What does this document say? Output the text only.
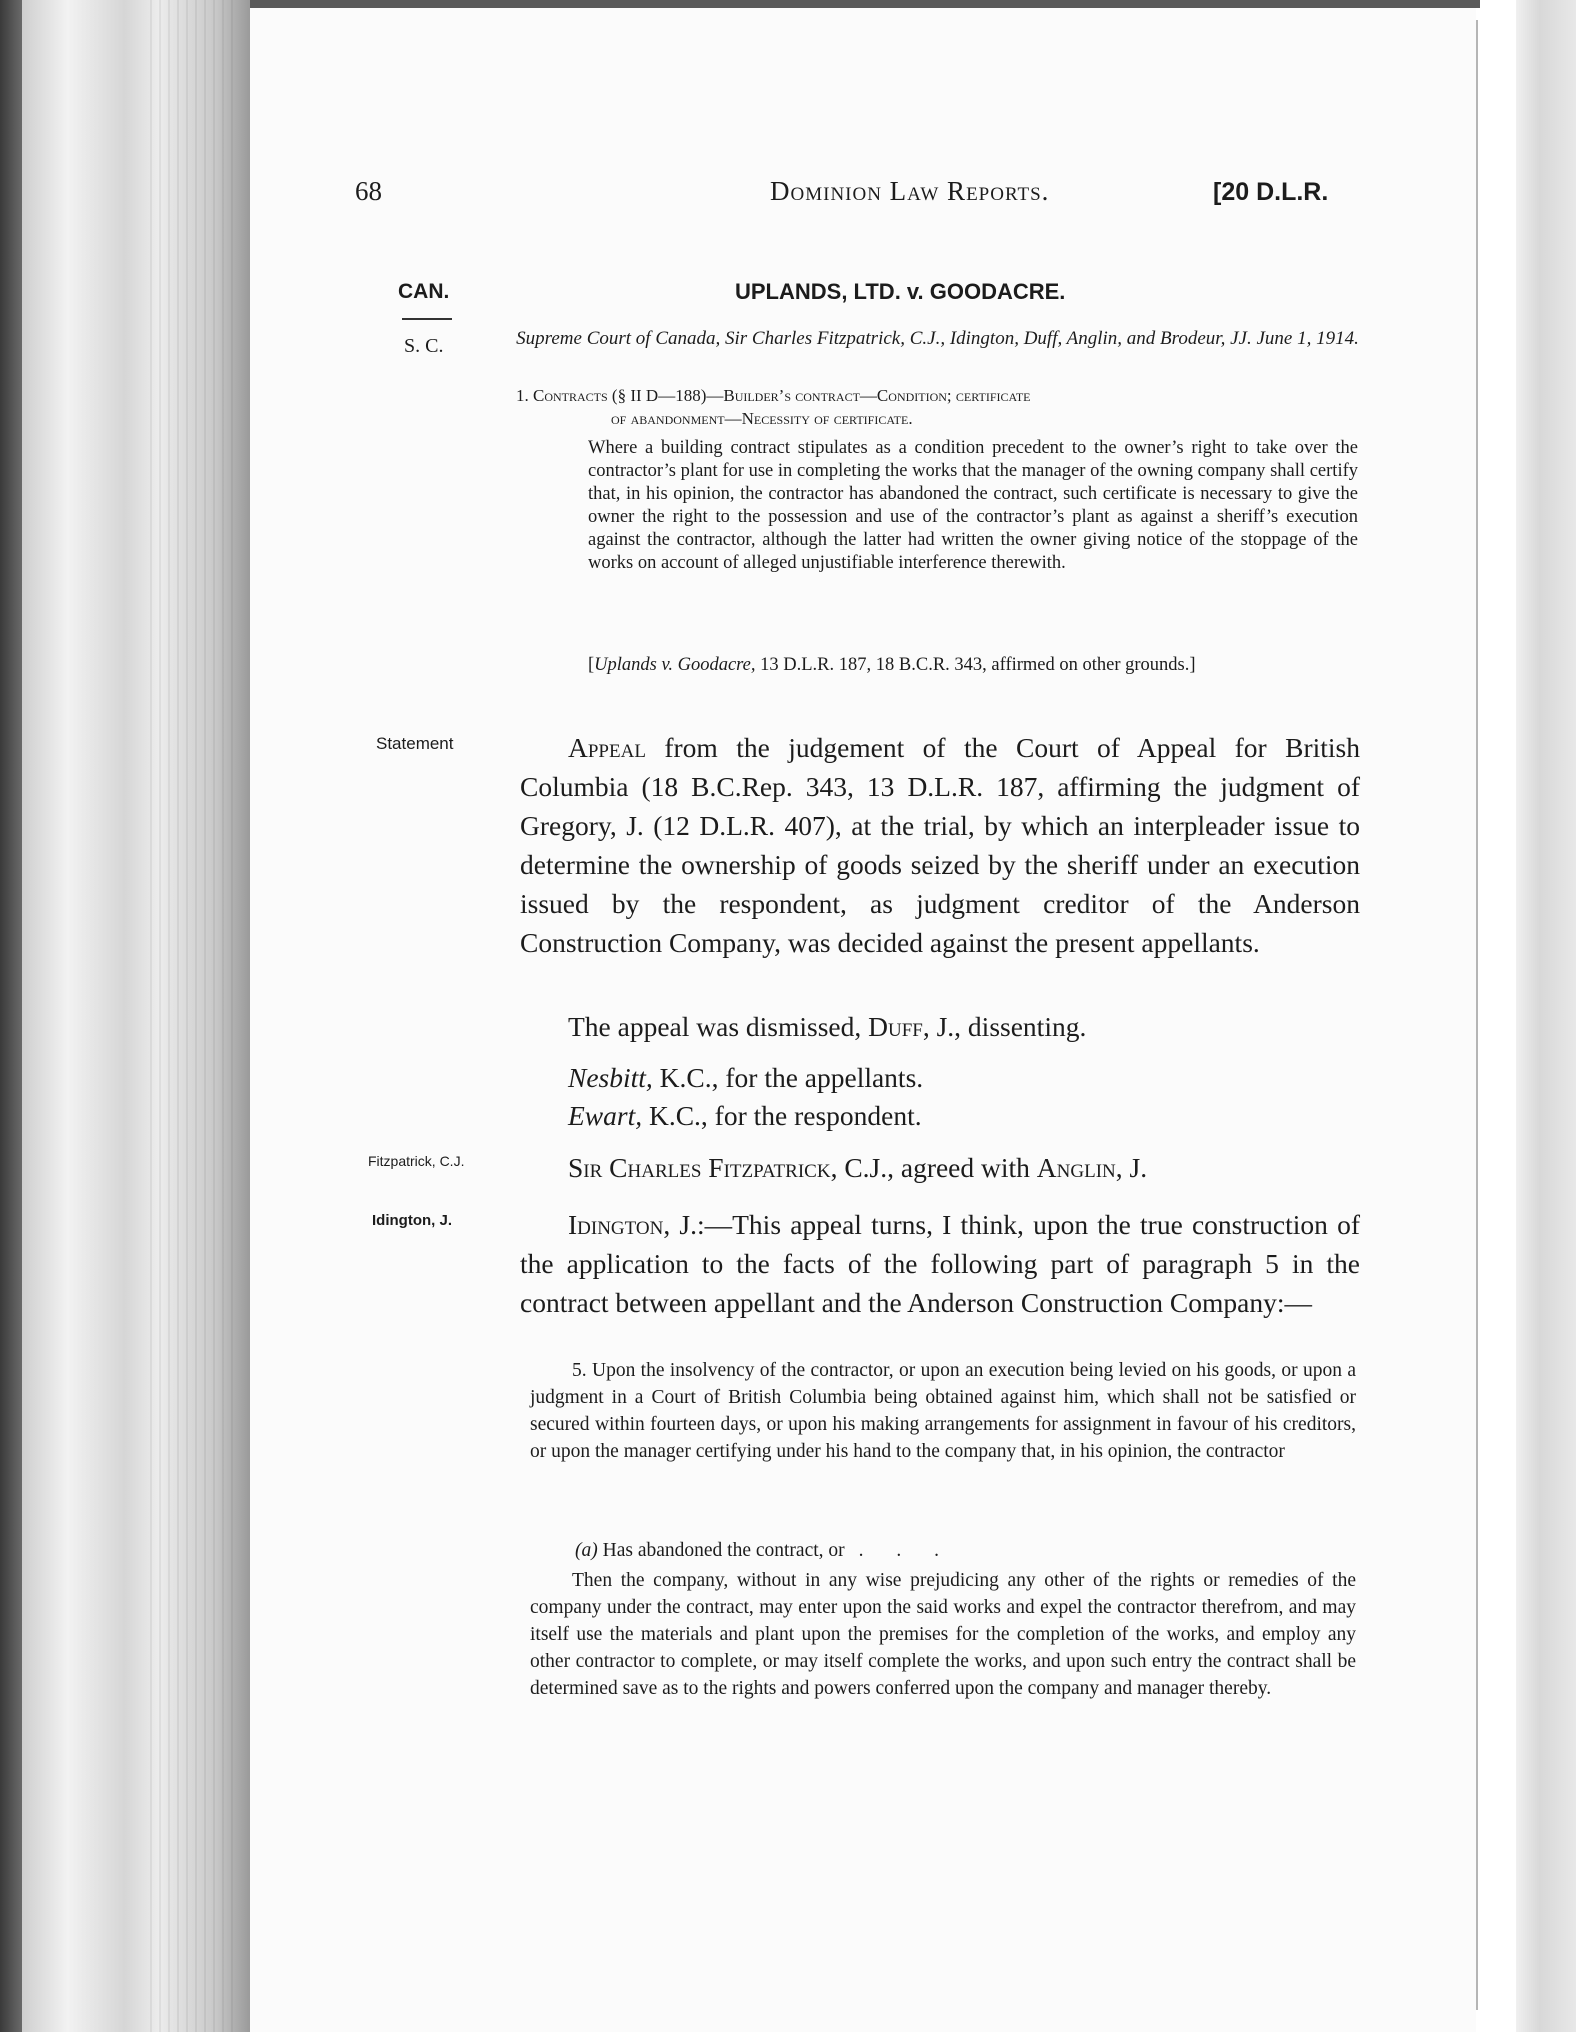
68	Dominion Law Reports.	[20 D.L.R.
CAN.
S. C.
UPLANDS, LTD. v. GOODACRE.
Supreme Court of Canada, Sir Charles Fitzpatrick, C.J., Idington, Duff, Anglin, and Brodeur, JJ. June 1, 1914.
1. Contracts (§ II D—188)—Builder’s contract—Condition; certificate
of abandonment—Necessity of certificate.
Where a building contract stipulates as a condition precedent to the owner’s right to take over the contractor’s plant for use in completing the works that the manager of the owning company shall certify that, in his opinion, the contractor has abandoned the contract, such certificate is necessary to give the owner the right to the possession and use of the contractor’s plant as against a sheriff’s execution against the contractor, although the latter had written the owner giving notice of the stoppage of the works on account of alleged unjustifiable interference therewith.
[Uplands v. Goodacre, 13 D.L.R. 187, 18 B.C.R. 343, affirmed on other grounds.]
Statement	Appeal from the judgement of the Court of Appeal for British Columbia (18 B.C.Rep. 343, 13 D.L.R. 187, affirming the judgment of Gregory, J. (12 D.L.R. 407), at the trial, by which an interpleader issue to determine the ownership of goods seized by the sheriff under an execution issued by the respondent, as judgment creditor of the Anderson Construction Company, was decided against the present appellants.
The appeal was dismissed, Duff, J., dissenting.
Nesbitt, K.C., for the appellants.
Ewart, K.C., for the respondent.
Fitzpatrick, C.J.	Sir Charles Fitzpatrick, C.J., agreed with Anglin, J.
Idington, J.	Idington, J.:—This appeal turns, I think, upon the true construction of the application to the facts of the following part of paragraph 5 in the contract between appellant and the Anderson Construction Company:—
5. Upon the insolvency of the contractor, or upon an execution being levied on his goods, or upon a judgment in a Court of British Columbia being obtained against him, which shall not be satisfied or secured within fourteen days, or upon his making arrangements for assignment in favour of his creditors, or upon the manager certifying under his hand to the company that, in his opinion, the contractor
(a) Has abandoned the contract, or . . .
Then the company, without in any wise prejudicing any other of the rights or remedies of the company under the contract, may enter upon the said works and expel the contractor therefrom, and may itself use the materials and plant upon the premises for the completion of the works, and employ any other contractor to complete, or may itself complete the works, and upon such entry the contract shall be determined save as to the rights and powers conferred upon the company and manager thereby.
